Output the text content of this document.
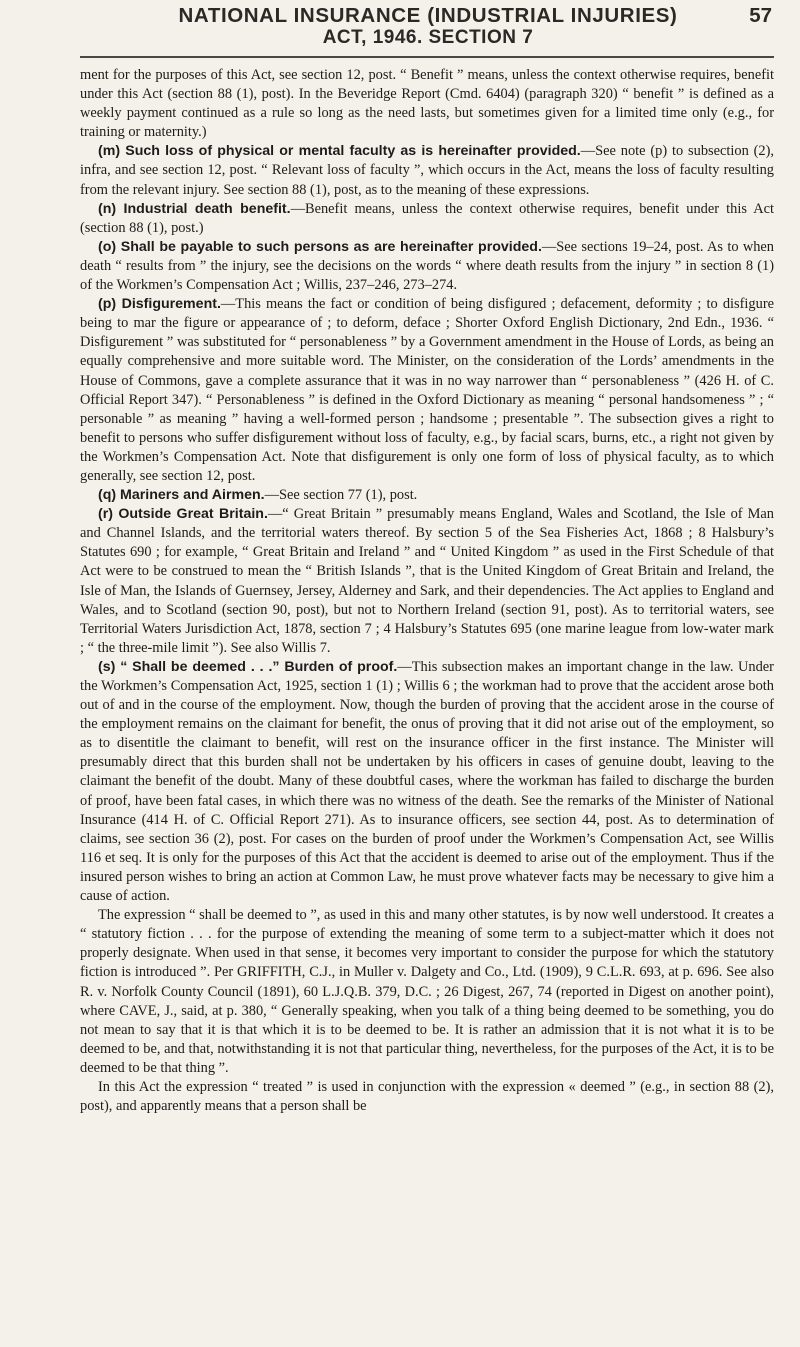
NATIONAL INSURANCE (INDUSTRIAL INJURIES)	57
ACT, 1946. SECTION 7

ment for the purposes of this Act, see section 12, post. “ Benefit ” means, unless the context otherwise requires, benefit under this Act (section 88 (1), post). In the Beveridge Report (Cmd. 6404) (paragraph 320) “ benefit ” is defined as a weekly payment continued as a rule so long as the need lasts, but sometimes given for a limited time only (e.g., for training or maternity.)

(m) Such loss of physical or mental faculty as is hereinafter provided.—See note (p) to subsection (2), infra, and see section 12, post. “ Relevant loss of faculty ”, which occurs in the Act, means the loss of faculty resulting from the relevant injury. See section 88 (1), post, as to the meaning of these expressions.

(n) Industrial death benefit.—Benefit means, unless the context otherwise requires, benefit under this Act (section 88 (1), post.)

(o) Shall be payable to such persons as are hereinafter provided.—See sections 19–24, post. As to when death “ results from ” the injury, see the decisions on the words “ where death results from the injury ” in section 8 (1) of the Workmen’s Compensation Act ; Willis, 237–246, 273–274.

(p) Disfigurement.—This means the fact or condition of being disfigured ; defacement, deformity ; to disfigure being to mar the figure or appearance of ; to deform, deface ; Shorter Oxford English Dictionary, 2nd Edn., 1936. “ Disfigurement ” was substituted for “ personableness ” by a Government amendment in the House of Lords, as being an equally comprehensive and more suitable word. The Minister, on the consideration of the Lords’ amendments in the House of Commons, gave a complete assurance that it was in no way narrower than “ personableness ” (426 H. of C. Official Report 347). “ Personableness ” is defined in the Oxford Dictionary as meaning “ personal handsomeness ” ; “ personable ” as meaning ” having a well-formed person ; handsome ; presentable ”. The subsection gives a right to benefit to persons who suffer disfigurement without loss of faculty, e.g., by facial scars, burns, etc., a right not given by the Workmen’s Compensation Act. Note that disfigurement is only one form of loss of physical faculty, as to which generally, see section 12, post.

(q) Mariners and Airmen.—See section 77 (1), post.

(r) Outside Great Britain.—“ Great Britain ” presumably means England, Wales and Scotland, the Isle of Man and Channel Islands, and the territorial waters thereof. By section 5 of the Sea Fisheries Act, 1868 ; 8 Halsbury’s Statutes 690 ; for example, “ Great Britain and Ireland ” and “ United Kingdom ” as used in the First Schedule of that Act were to be construed to mean the “ British Islands ”, that is the United Kingdom of Great Britain and Ireland, the Isle of Man, the Islands of Guernsey, Jersey, Alderney and Sark, and their dependencies. The Act applies to England and Wales, and to Scotland (section 90, post), but not to Northern Ireland (section 91, post). As to territorial waters, see Territorial Waters Jurisdiction Act, 1878, section 7 ; 4 Halsbury’s Statutes 695 (one marine league from low-water mark ; “ the three-mile limit ”). See also Willis 7.

(s) “ Shall be deemed . . .” Burden of proof.—This subsection makes an important change in the law. Under the Workmen’s Compensation Act, 1925, section 1 (1) ; Willis 6 ; the workman had to prove that the accident arose both out of and in the course of the employment. Now, though the burden of proving that the accident arose in the course of the employment remains on the claimant for benefit, the onus of proving that it did not arise out of the employment, so as to disentitle the claimant to benefit, will rest on the insurance officer in the first instance. The Minister will presumably direct that this burden shall not be undertaken by his officers in cases of genuine doubt, leaving to the claimant the benefit of the doubt. Many of these doubtful cases, where the workman has failed to discharge the burden of proof, have been fatal cases, in which there was no witness of the death. See the remarks of the Minister of National Insurance (414 H. of C. Official Report 271). As to insurance officers, see section 44, post. As to determination of claims, see section 36 (2), post. For cases on the burden of proof under the Workmen’s Compensation Act, see Willis 116 et seq. It is only for the purposes of this Act that the accident is deemed to arise out of the employment. Thus if the insured person wishes to bring an action at Common Law, he must prove whatever facts may be necessary to give him a cause of action.

The expression “ shall be deemed to ”, as used in this and many other statutes, is by now well understood. It creates a “ statutory fiction . . . for the purpose of extending the meaning of some term to a subject-matter which it does not properly designate. When used in that sense, it becomes very important to consider the purpose for which the statutory fiction is introduced ”. Per GRIFFITH, C.J., in Muller v. Dalgety and Co., Ltd. (1909), 9 C.L.R. 693, at p. 696. See also R. v. Norfolk County Council (1891), 60 L.J.Q.B. 379, D.C. ; 26 Digest, 267, 74 (reported in Digest on another point), where CAVE, J., said, at p. 380, “ Generally speaking, when you talk of a thing being deemed to be something, you do not mean to say that it is that which it is to be deemed to be. It is rather an admission that it is not what it is to be deemed to be, and that, notwithstanding it is not that particular thing, nevertheless, for the purposes of the Act, it is to be deemed to be that thing ”.

In this Act the expression “ treated ” is used in conjunction with the expression « deemed ” (e.g., in section 88 (2), post), and apparently means that a person shall be
